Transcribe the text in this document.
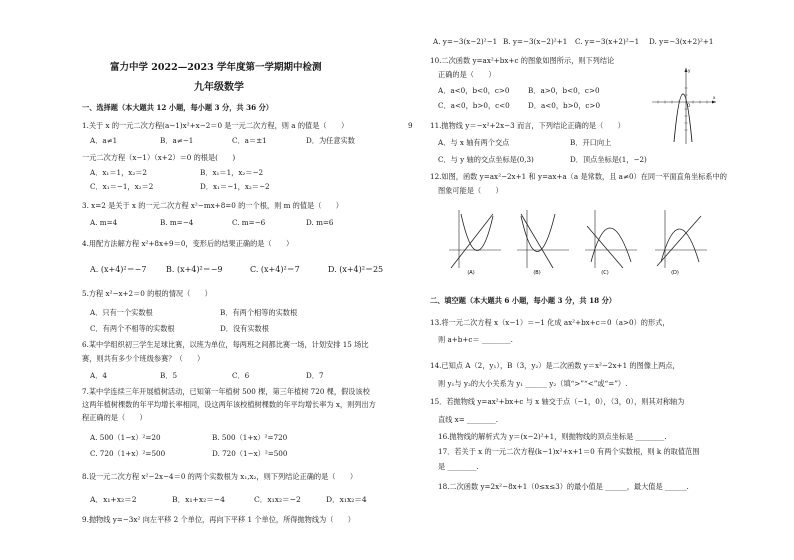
富力中学 2022—2023 学年度第一学期期中检测
九年级数学
一、选择题（本大题共 12 小题，每小题 3 分，共 36 分）
1.关于 x 的一元二次方程(a−1)x²+x−2＝0 是一元二次方程，则 a 的值是（　　）
A．a≠1	B．a≠−1	C．a＝±1	D．为任意实数
一元二次方程（x−1）（x+2）＝0 的根是(　　)
A．x₁＝1，x₂＝2	B．x₁＝1，x₂＝−2
C．x₁＝−1，x₂＝2	D．x₁＝−1，x₂＝−2
3. x=2 是关于 x 的一元二次方程 x²−mx+8=0 的一个根，则 m 的值是（　　）
A. m=4	B. m=−4	C. m=−6	D. m=6
4.用配方法解方程 x²+8x+9＝0，变形后的结果正确的是（　　）
A. (x+4)²＝−7 B. (x+4)²＝−9	C. (x+4)²＝7	D. (x+4)²＝25
5.方程 x²−x+2＝0 的根的情况（　　）
A．只有一个实数根	B．有两个相等的实数根
C．有两个不相等的实数根	D．没有实数根
6.某中学组织初三学生足球比赛，以班为单位，每两班之间都比赛一场，计划安排 15 场比
赛，则共有多少个班级参赛？（　　）
A．4	B．5	C．6	D．7
7.某中学连续三年开展植树活动，已知第一年植树 500 棵，第三年植树 720 棵，假设该校
这两年植树棵数的年平均增长率相同，设这两年该校植树棵数的年平均增长率为 x，则列出方
程正确的是（　　）
A. 500（1−x）²=20	B. 500（1+x）²=720
C. 720（1+x）²=500	D. 720（1−x）²=500
8.设一元二次方程 x²−2x−4＝0 的两个实数根为 x₁,x₂，则下列结论正确的是（　　）
A．x₁+x₂＝2	B．x₁+x₂＝−4	C．x₁x₂＝−2	D．x₁x₂＝4
9.抛物线 y=−3x² 向左平移 2 个单位，再向下平移 1 个单位，所得抛物线为（　　）
A. y=−3(x−2)²−1 B. y=−3(x−2)²+1 C. y=−3(x+2)²−1 D. y=−3(x+2)²+1
10.二次函数 y=ax²+bx+c 的图象如图所示，则下列结论
正确的是（　　）
A．a<0，b<0，c>0	B．a>0，b<0，c>0
C．a<0，b>0，c<0	D．a<0，b>0，c>0
x
y
O
9 11.抛物线 y＝−x²+2x−3 而言，下列结论正确的是（　　）
A．与 x 轴有两个交点	B．开口向上
C．与 y 轴的交点坐标是(0,3)	D．顶点坐标是(1，−2)
12.如图，函数 y=ax²−2x+1 和 y=ax+a（a 是常数，且 a≠0）在同一平面直角坐标系中的
图象可能是（　　）
(A)	(B)	(C)	(D)
二、填空题（本大题共 6 小题，每小题 3 分，共 18 分）
13.将一元二次方程 x（x−1）＝−1 化成 ax²+bx+c＝0（a>0）的形式，
则 a+b+c＝ ________.
14.已知点 A（2，y₁），B（3，y₂）是二次函数 y＝x²−2x+1 的图像上两点，
则 y₁与 y₂的大小关系为 y₁ ______ y₂（填“>”“<”或“=”）.
15．若抛物线 y=ax²+bx+c 与 x 轴交于点（−1，0），（3，0），则其对称轴为
直线 x= ________.
16.抛物线的解析式为 y＝(x−2)²+1，则抛物线的顶点坐标是 ________.
17．若关于 x 的一元二次方程(k−1)x²+x+1＝0 有两个实数根，则 k 的取值范围
是 ________.
18.二次函数 y=2x²−8x+1（0≤x≤3）的最小值是 ______，最大值是 ______.
